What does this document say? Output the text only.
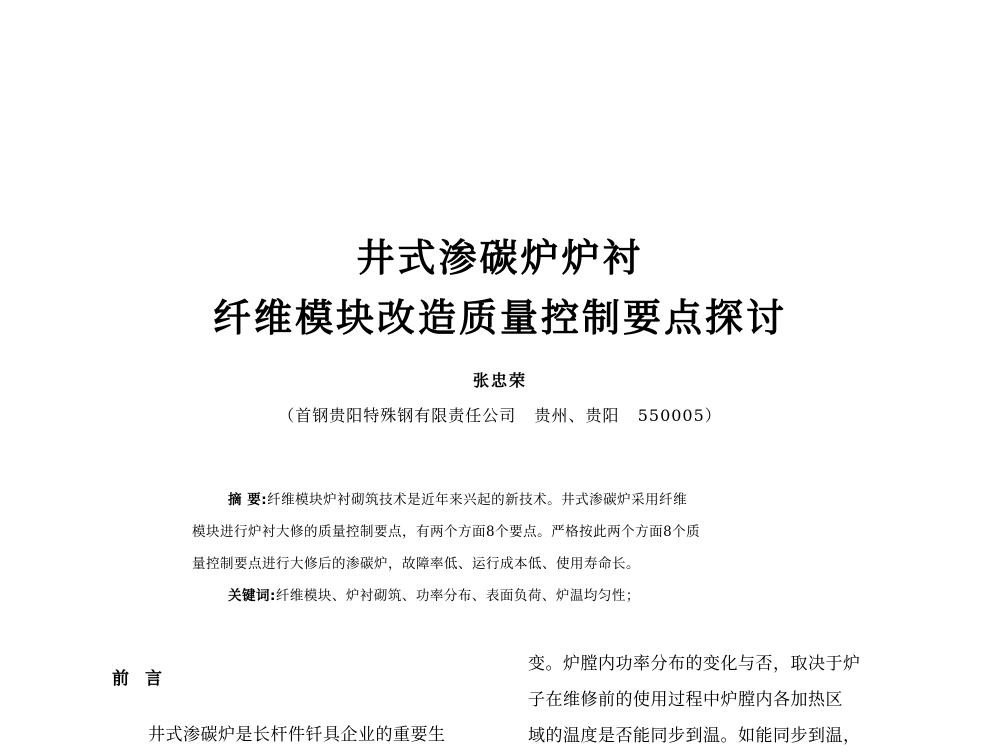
井式渗碳炉炉衬
纤维模块改造质量控制要点探讨
张忠荣
（首钢贵阳特殊钢有限责任公司   贵州、贵阳   550005）
摘 要:纤维模块炉衬砌筑技术是近年来兴起的新技术。井式渗碳炉采用纤维
模块进行炉衬大修的质量控制要点，有两个方面8个要点。严格按此两个方面8个质
量控制要点进行大修后的渗碳炉，故障率低、运行成本低、使用寿命长。
关键词:纤维模块、炉衬砌筑、功率分布、表面负荷、炉温均匀性；
前言
井式渗碳炉是长杆件钎具企业的重要生
变。炉膛内功率分布的变化与否，取决于炉
子在维修前的使用过程中炉膛内各加热区
域的温度是否能同步到温。如能同步到温，
